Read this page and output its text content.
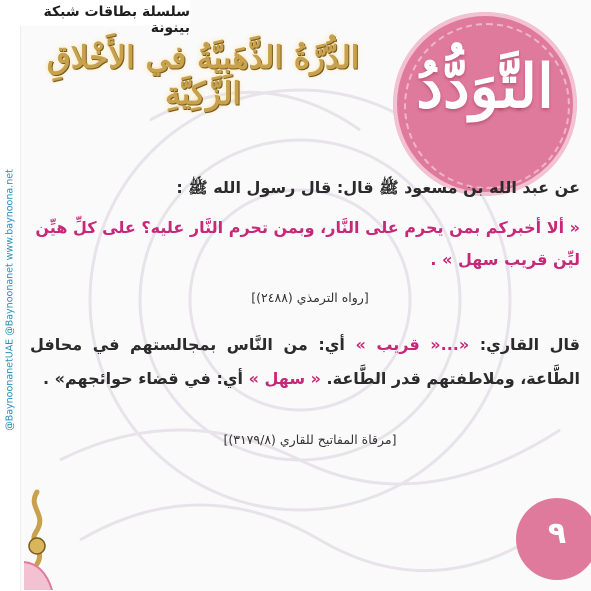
@BaynoonanetUAE @Baynoonanet www.baynoona.net
سلسلة بطاقات شبكة بينونة
الدُّرَّةُ الذَّهَبِيَّةُ في الأَخْلاقِ الزَّكِيَّةِ	التَّوَدُّدُ
عن عبد الله بن مسعود ﷺ قال: قال رسول الله ﷺ :
« ألا أخبركم بمن يحرم على النَّار، وبمن تحرم النَّار عليه؟ على كلِّ هيِّن ليِّن قريب سهل » .
[رواه الترمذي (٢٤٨٨)]
قال القاري: «...« قريب » أي: من النَّاس بمجالستهم في محافل الطَّاعة، وملاطفتهم قدر الطَّاعة. « سهل » أي: في قضاء حوائجهم» .
[مرقاة المفاتيح للقاري (٣١٧٩/٨)]
٩
